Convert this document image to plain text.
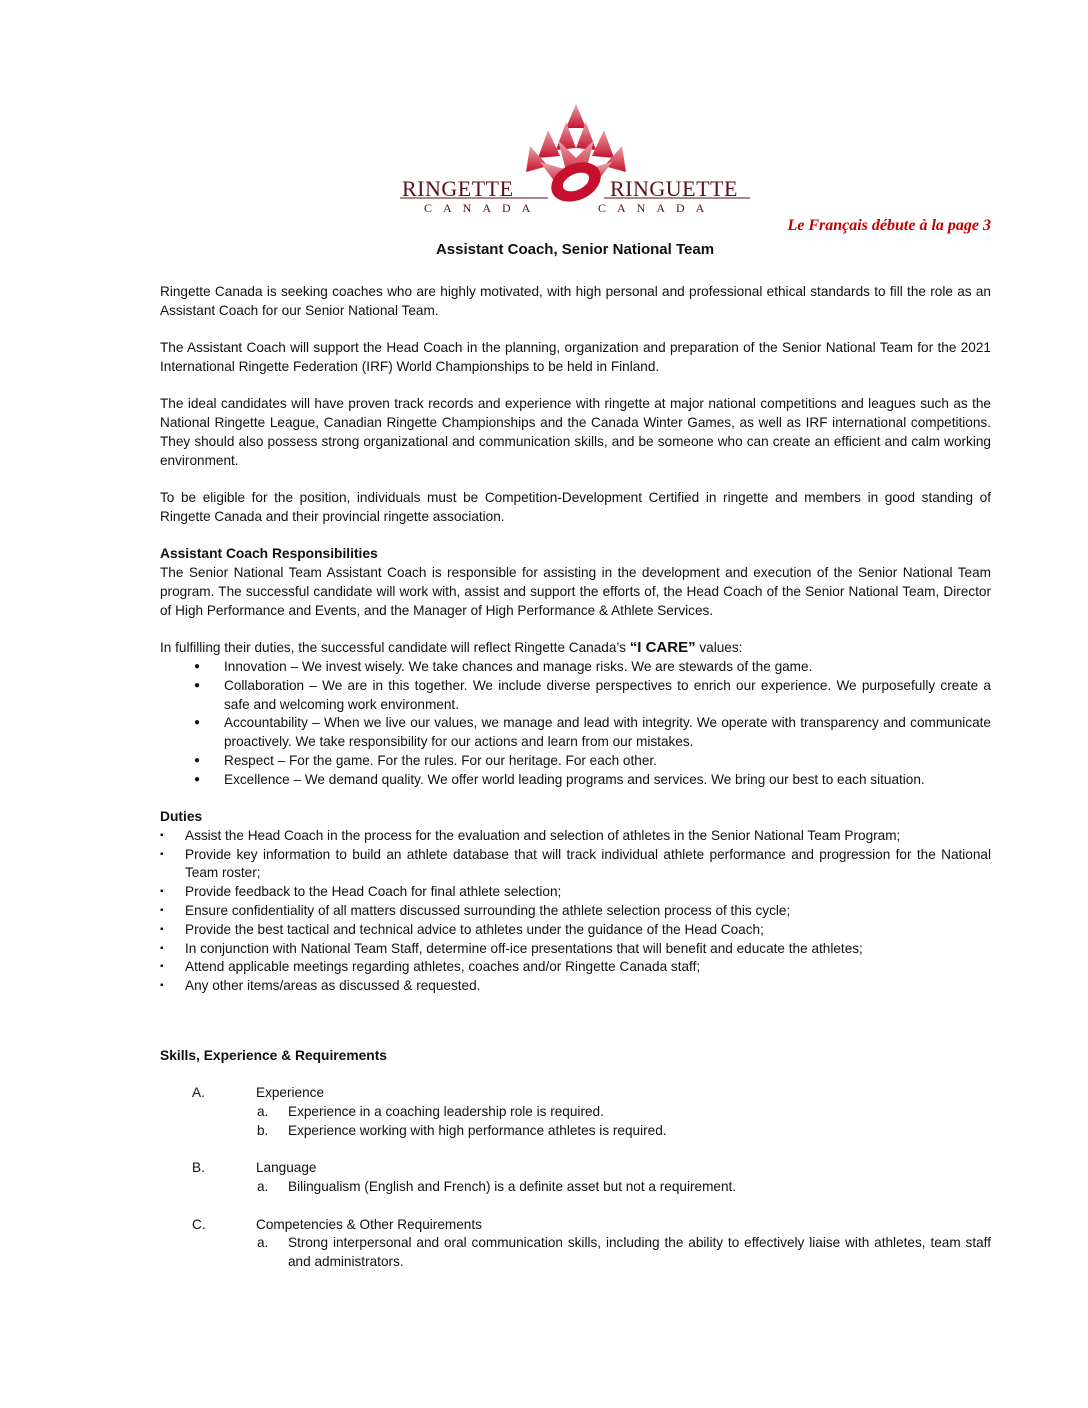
RINGETTE	RINGUETTE
CANADA	CANADA
Le Français débute à la page 3
Assistant Coach, Senior National Team

Ringette Canada is seeking coaches who are highly motivated, with high personal and professional ethical standards to fill the role as an Assistant Coach for our Senior National Team.

The Assistant Coach will support the Head Coach in the planning, organization and preparation of the Senior National Team for the 2021 International Ringette Federation (IRF) World Championships to be held in Finland.

The ideal candidates will have proven track records and experience with ringette at major national competitions and leagues such as the National Ringette League, Canadian Ringette Championships and the Canada Winter Games, as well as IRF international competitions. They should also possess strong organizational and communication skills, and be someone who can create an efficient and calm working environment.

To be eligible for the position, individuals must be Competition-Development Certified in ringette and members in good standing of Ringette Canada and their provincial ringette association.

Assistant Coach Responsibilities

The Senior National Team Assistant Coach is responsible for assisting in the development and execution of the Senior National Team program. The successful candidate will work with, assist and support the efforts of, the Head Coach of the Senior National Team, Director of High Performance and Events, and the Manager of High Performance & Athlete Services.

In fulfilling their duties, the successful candidate will reflect Ringette Canada’s “I CARE” values:
● Innovation – We invest wisely. We take chances and manage risks. We are stewards of the game.
● Collaboration – We are in this together. We include diverse perspectives to enrich our experience. We purposefully create a safe and welcoming work environment.
● Accountability – When we live our values, we manage and lead with integrity. We operate with transparency and communicate proactively. We take responsibility for our actions and learn from our mistakes.
● Respect – For the game. For the rules. For our heritage. For each other.
● Excellence – We demand quality. We offer world leading programs and services. We bring our best to each situation.
Duties
▪ Assist the Head Coach in the process for the evaluation and selection of athletes in the Senior National Team Program;
▪ Provide key information to build an athlete database that will track individual athlete performance and progression for the National Team roster;
▪ Provide feedback to the Head Coach for final athlete selection;
▪ Ensure confidentiality of all matters discussed surrounding the athlete selection process of this cycle;
▪ Provide the best tactical and technical advice to athletes under the guidance of the Head Coach;
▪ In conjunction with National Team Staff, determine off-ice presentations that will benefit and educate the athletes;
▪ Attend applicable meetings regarding athletes, coaches and/or Ringette Canada staff;
▪ Any other items/areas as discussed & requested.
Skills, Experience & Requirements
A.	Experience
a. Experience in a coaching leadership role is required.
b. Experience working with high performance athletes is required.
B.	Language
a. Bilingualism (English and French) is a definite asset but not a requirement.
C.	Competencies & Other Requirements
a. Strong interpersonal and oral communication skills, including the ability to effectively liaise with athletes, team staff and administrators.
